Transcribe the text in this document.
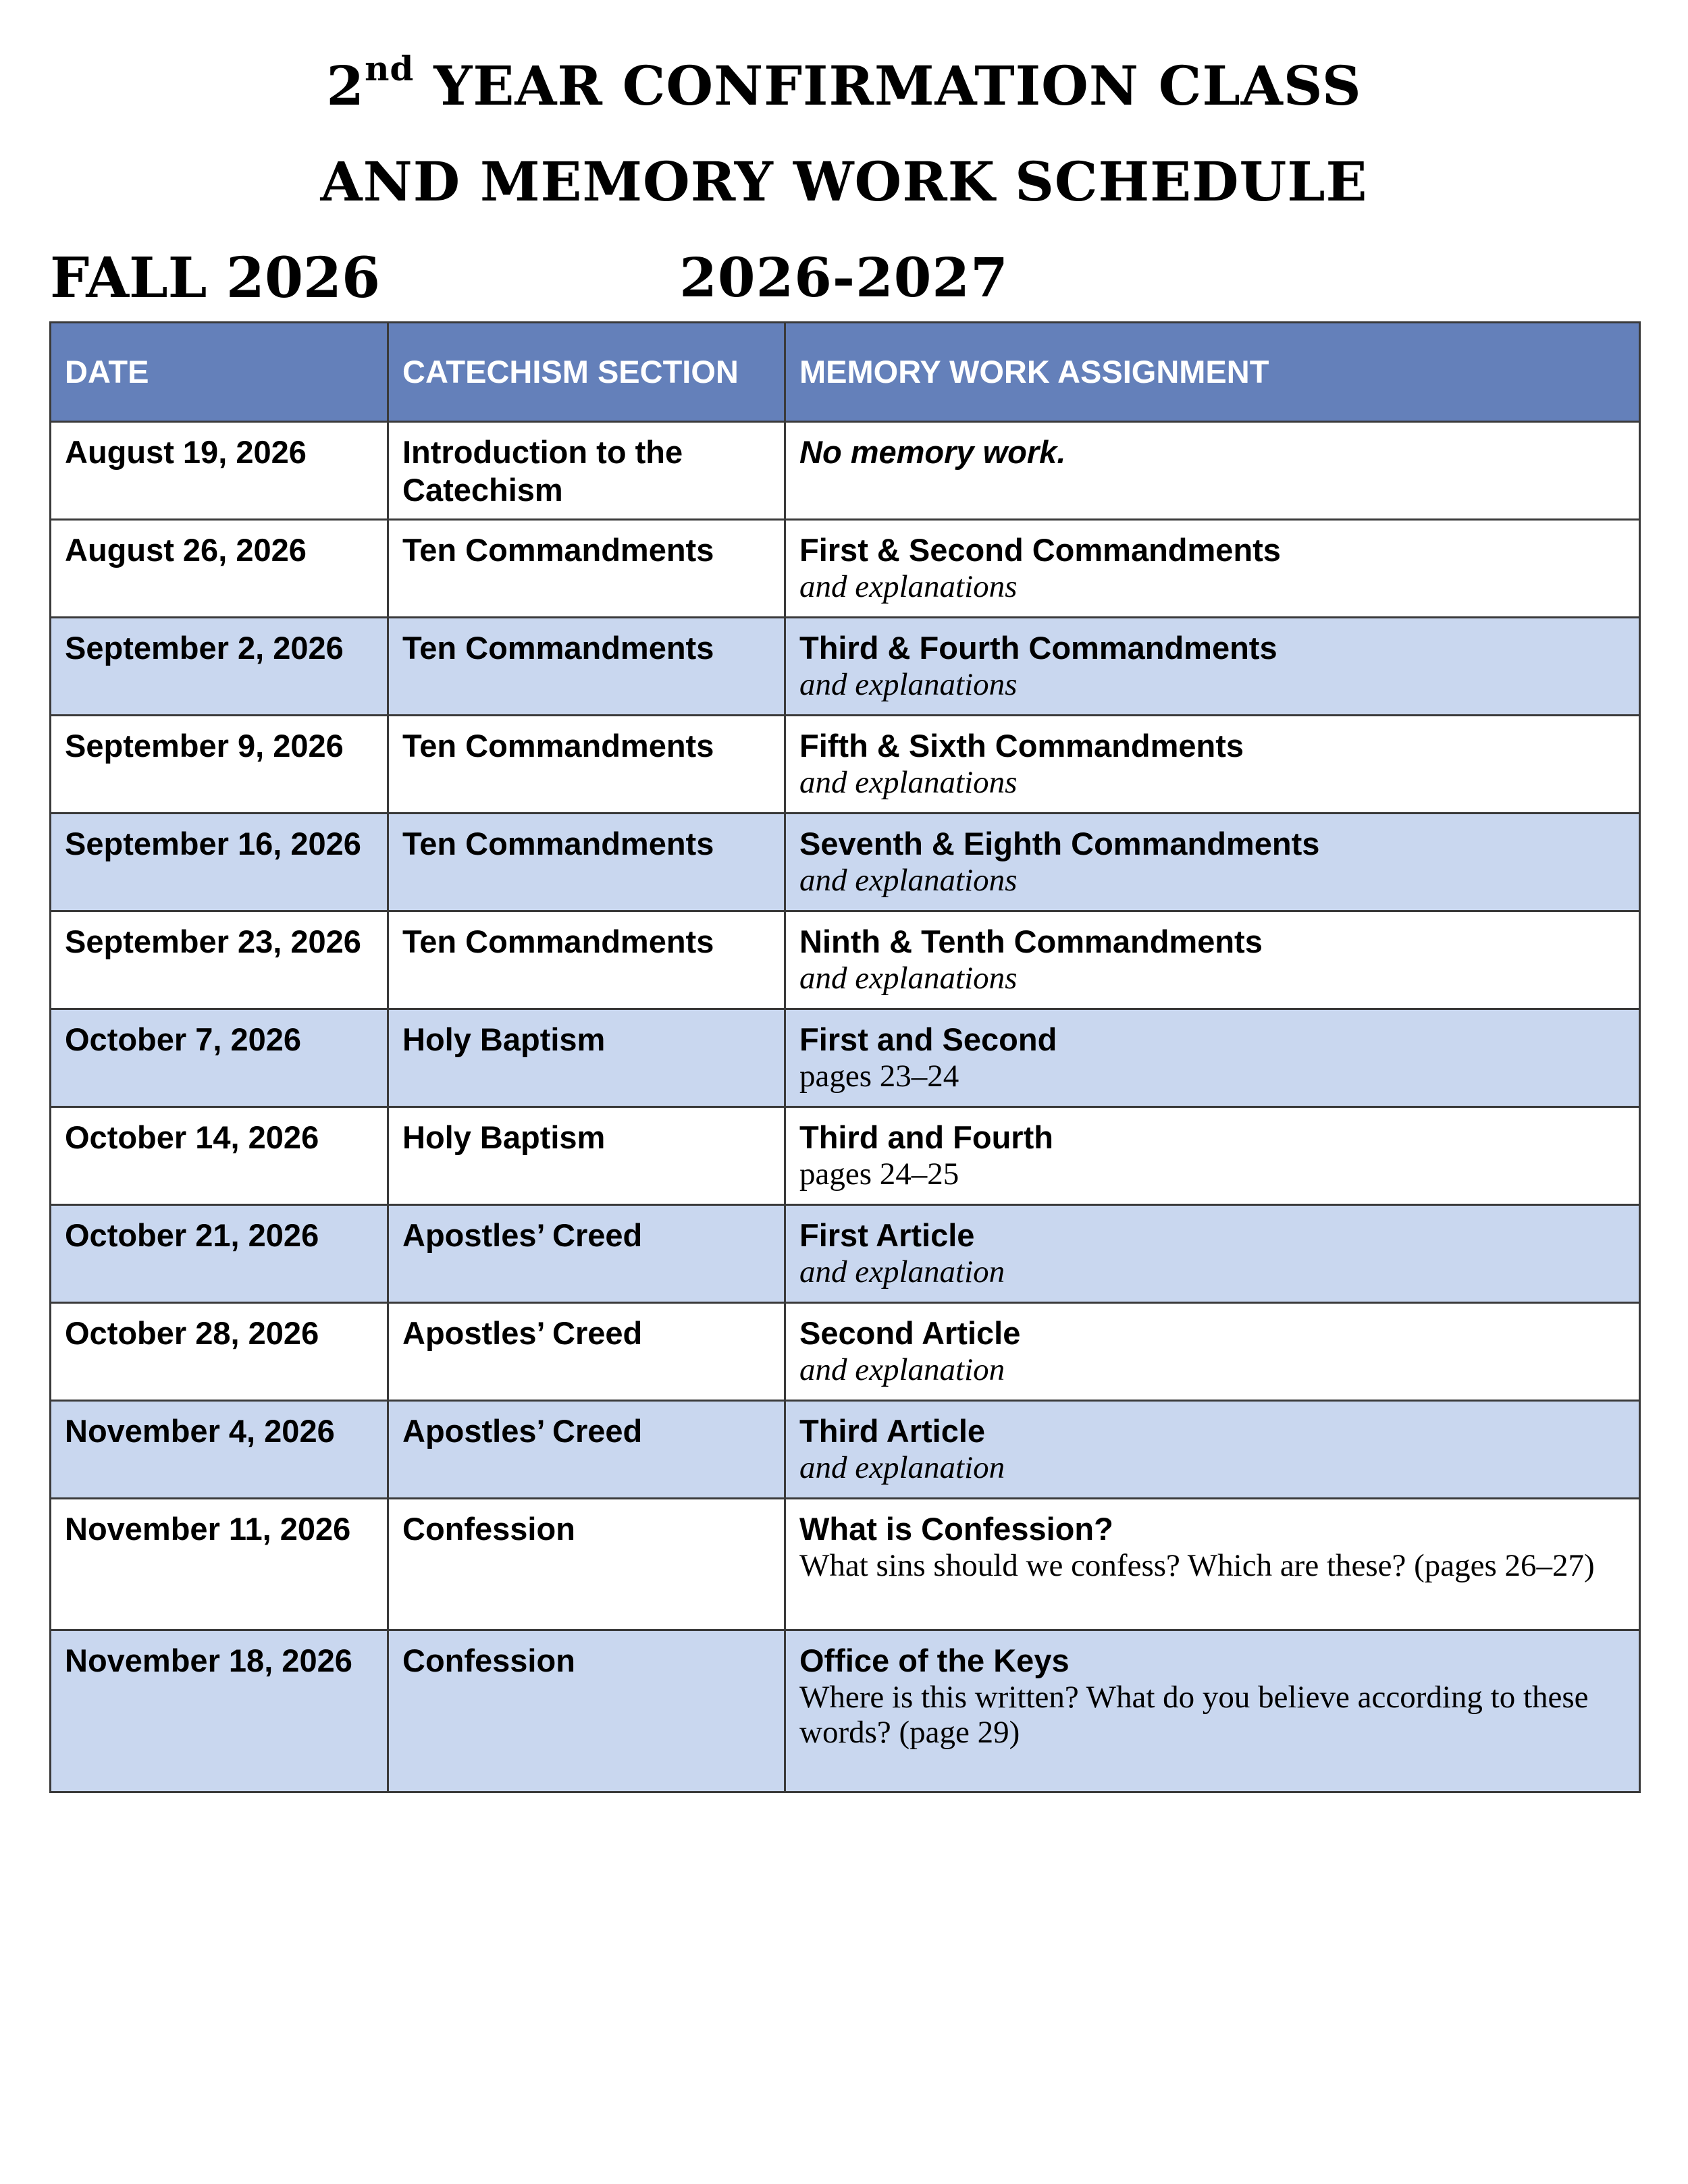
2nd YEAR CONFIRMATION CLASS
AND MEMORY WORK SCHEDULE
2026-2027
FALL 2026
DATE	CATECHISM SECTION	MEMORY WORK ASSIGNMENT

August 19, 2026	Introduction to the Catechism	No memory work.

August 26, 2026	Ten Commandments	First & Second Commandments
and explanations

September 2, 2026	Ten Commandments	Third & Fourth Commandments
and explanations

September 9, 2026	Ten Commandments	Fifth & Sixth Commandments
and explanations

September 16, 2026	Ten Commandments	Seventh & Eighth Commandments
and explanations

September 23, 2026	Ten Commandments	Ninth & Tenth Commandments
and explanations

October 7, 2026	Holy Baptism	First and Second
pages 23–24

October 14, 2026	Holy Baptism	Third and Fourth
pages 24–25

October 21, 2026	Apostles’ Creed	First Article
and explanation

October 28, 2026	Apostles’ Creed	Second Article
and explanation

November 4, 2026	Apostles’ Creed	Third Article
and explanation

November 11, 2026	Confession	What is Confession?
What sins should we confess? Which are these? (pages 26–27)

November 18, 2026	Confession	Office of the Keys
Where is this written? What do you believe according to these words? (page 29)
